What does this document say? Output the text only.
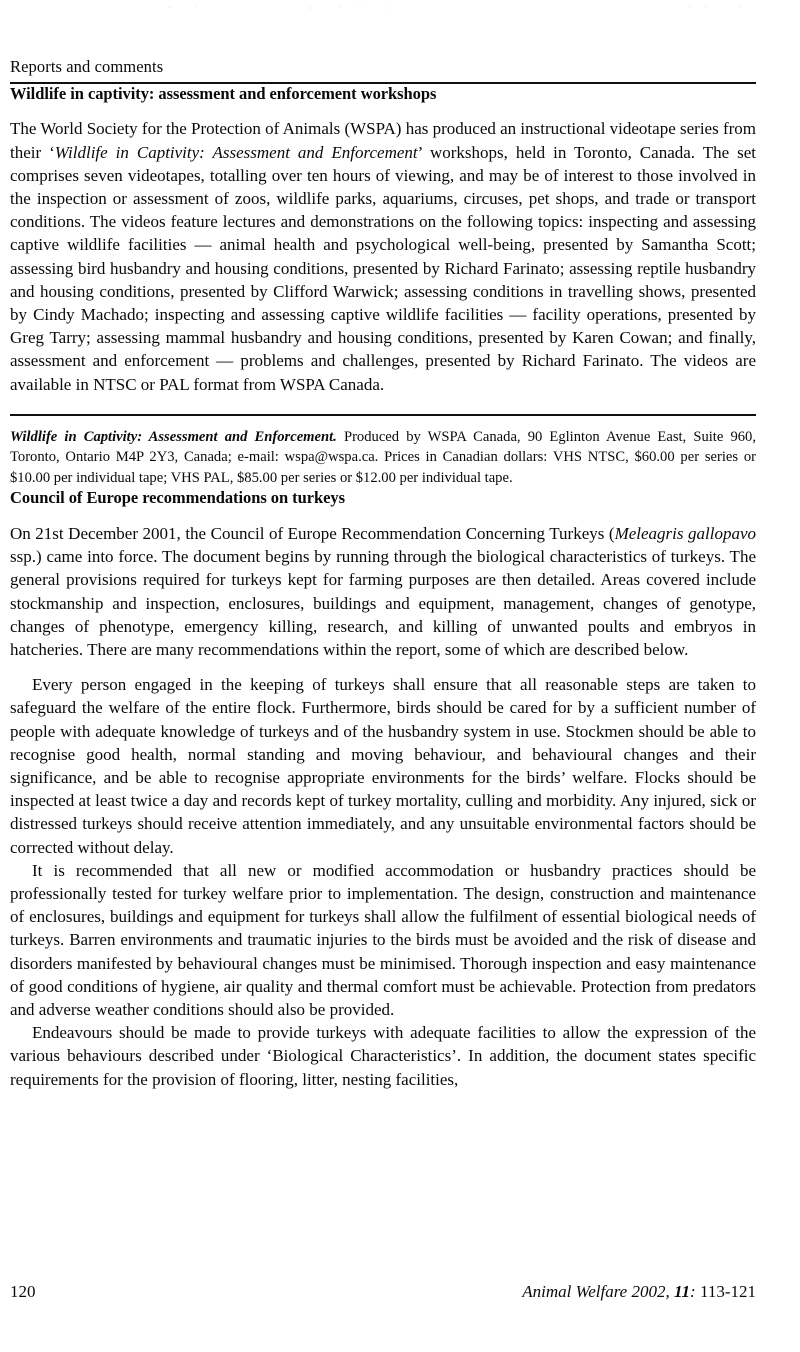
Reports and comments
Wildlife in captivity: assessment and enforcement workshops

The World Society for the Protection of Animals (WSPA) has produced an instructional videotape series from their ‘Wildlife in Captivity: Assessment and Enforcement’ workshops, held in Toronto, Canada. The set comprises seven videotapes, totalling over ten hours of viewing, and may be of interest to those involved in the inspection or assessment of zoos, wildlife parks, aquariums, circuses, pet shops, and trade or transport conditions. The videos feature lectures and demonstrations on the following topics: inspecting and assessing captive wildlife facilities — animal health and psychological well-being, presented by Samantha Scott; assessing bird husbandry and housing conditions, presented by Richard Farinato; assessing reptile husbandry and housing conditions, presented by Clifford Warwick; assessing conditions in travelling shows, presented by Cindy Machado; inspecting and assessing captive wildlife facilities — facility operations, presented by Greg Tarry; assessing mammal husbandry and housing conditions, presented by Karen Cowan; and finally, assessment and enforcement — problems and challenges, presented by Richard Farinato. The videos are available in NTSC or PAL format from WSPA Canada.

Wildlife in Captivity: Assessment and Enforcement. Produced by WSPA Canada, 90 Eglinton Avenue East, Suite 960, Toronto, Ontario M4P 2Y3, Canada; e-mail: wspa@wspa.ca. Prices in Canadian dollars: VHS NTSC, $60.00 per series or $10.00 per individual tape; VHS PAL, $85.00 per series or $12.00 per individual tape.

Council of Europe recommendations on turkeys

On 21st December 2001, the Council of Europe Recommendation Concerning Turkeys (Meleagris gallopavo ssp.) came into force. The document begins by running through the biological characteristics of turkeys. The general provisions required for turkeys kept for farming purposes are then detailed. Areas covered include stockmanship and inspection, enclosures, buildings and equipment, management, changes of genotype, changes of phenotype, emergency killing, research, and killing of unwanted poults and embryos in hatcheries. There are many recommendations within the report, some of which are described below.

Every person engaged in the keeping of turkeys shall ensure that all reasonable steps are taken to safeguard the welfare of the entire flock. Furthermore, birds should be cared for by a sufficient number of people with adequate knowledge of turkeys and of the husbandry system in use. Stockmen should be able to recognise good health, normal standing and moving behaviour, and behavioural changes and their significance, and be able to recognise appropriate environments for the birds’ welfare. Flocks should be inspected at least twice a day and records kept of turkey mortality, culling and morbidity. Any injured, sick or distressed turkeys should receive attention immediately, and any unsuitable environmental factors should be corrected without delay.

It is recommended that all new or modified accommodation or husbandry practices should be professionally tested for turkey welfare prior to implementation. The design, construction and maintenance of enclosures, buildings and equipment for turkeys shall allow the fulfilment of essential biological needs of turkeys. Barren environments and traumatic injuries to the birds must be avoided and the risk of disease and disorders manifested by behavioural changes must be minimised. Thorough inspection and easy maintenance of good conditions of hygiene, air quality and thermal comfort must be achievable. Protection from predators and adverse weather conditions should also be provided.

Endeavours should be made to provide turkeys with adequate facilities to allow the expression of the various behaviours described under ‘Biological Characteristics’. In addition, the document states specific requirements for the provision of flooring, litter, nesting facilities,

120	Animal Welfare 2002, 11: 113-121
